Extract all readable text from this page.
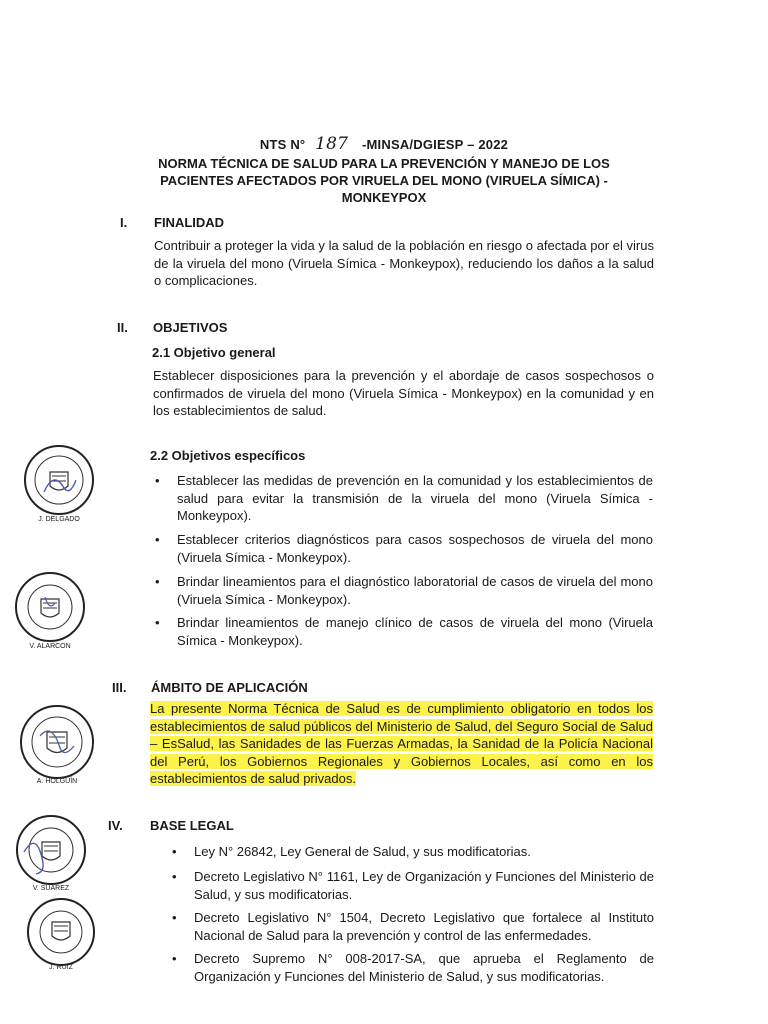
NTS N° 187 -MINSA/DGIESP – 2022
NORMA TÉCNICA DE SALUD PARA LA PREVENCIÓN Y MANEJO DE LOS PACIENTES AFECTADOS POR VIRUELA DEL MONO (VIRUELA SÍMICA) - MONKEYPOX
I. FINALIDAD
Contribuir a proteger la vida y la salud de la población en riesgo o afectada por el virus de la viruela del mono (Viruela Símica - Monkeypox), reduciendo los daños a la salud o complicaciones.
II. OBJETIVOS
2.1 Objetivo general
Establecer disposiciones para la prevención y el abordaje de casos sospechosos o confirmados de viruela del mono (Viruela Símica - Monkeypox) en la comunidad y en los establecimientos de salud.
2.2 Objetivos específicos
• Establecer las medidas de prevención en la comunidad y los establecimientos de salud para evitar la transmisión de la viruela del mono (Viruela Símica - Monkeypox).
• Establecer criterios diagnósticos para casos sospechosos de viruela del mono (Viruela Símica - Monkeypox).
• Brindar lineamientos para el diagnóstico laboratorial de casos de viruela del mono (Viruela Símica - Monkeypox).
• Brindar lineamientos de manejo clínico de casos de viruela del mono (Viruela Símica - Monkeypox).
III. ÁMBITO DE APLICACIÓN
La presente Norma Técnica de Salud es de cumplimiento obligatorio en todos los establecimientos de salud públicos del Ministerio de Salud, del Seguro Social de Salud – EsSalud, las Sanidades de las Fuerzas Armadas, la Sanidad de la Policía Nacional del Perú, los Gobiernos Regionales y Gobiernos Locales, así como en los establecimientos de salud privados.
IV. BASE LEGAL
• Ley N° 26842, Ley General de Salud, y sus modificatorias.
• Decreto Legislativo N° 1161, Ley de Organización y Funciones del Ministerio de Salud, y sus modificatorias.
• Decreto Legislativo N° 1504, Decreto Legislativo que fortalece al Instituto Nacional de Salud para la prevención y control de las enfermedades.
• Decreto Supremo N° 008-2017-SA, que aprueba el Reglamento de Organización y Funciones del Ministerio de Salud, y sus modificatorias.
J. DELGADO
V. ALARCON
A. HOLGUÍN
V. SUÁREZ
J. RUIZ
